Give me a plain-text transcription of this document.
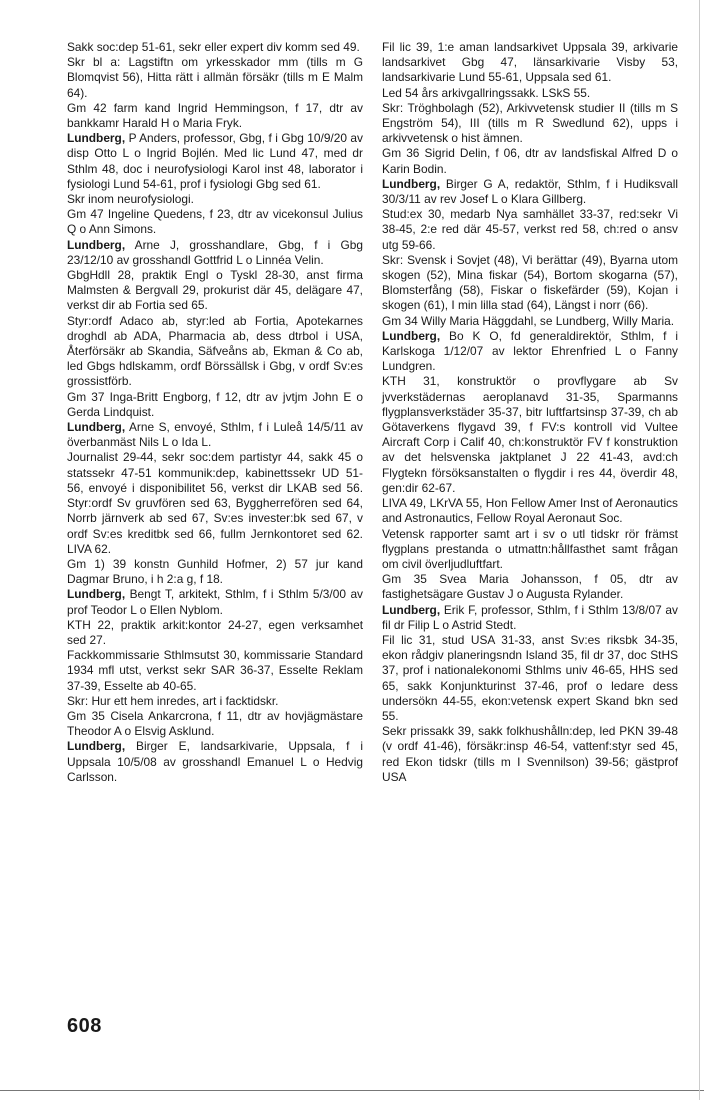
Sakk soc:dep 51-61, sekr eller expert div komm sed 49.

Skr bl a: Lagstiftn om yrkesskador mm (tills m G Blomqvist 56), Hitta rätt i allmän försäkr (tills m E Malm 64).

Gm 42 farm kand Ingrid Hemmingson, f 17, dtr av bankkamr Harald H o Maria Fryk.

Lundberg, P Anders, professor, Gbg, f i Gbg 10/9/20 av disp Otto L o Ingrid Bojlén. Med lic Lund 47, med dr Sthlm 48, doc i neurofysiologi Karol inst 48, laborator i fysiologi Lund 54-61, prof i fysiologi Gbg sed 61.

Skr inom neurofysiologi.

Gm 47 Ingeline Quedens, f 23, dtr av vicekonsul Julius Q o Ann Simons.

Lundberg, Arne J, grosshandlare, Gbg, f i Gbg 23/12/10 av grosshandl Gottfrid L o Linnéa Velin.

GbgHdll 28, praktik Engl o Tyskl 28-30, anst firma Malmsten & Bergvall 29, prokurist där 45, delägare 47, verkst dir ab Fortia sed 65.

Styr:ordf Adaco ab, styr:led ab Fortia, Apotekarnes droghdl ab ADA, Pharmacia ab, dess dtrbol i USA, Återförsäkr ab Skandia, Säfveåns ab, Ekman & Co ab, led Gbgs hdlskamm, ordf Börssällsk i Gbg, v ordf Sv:es grossistförb.

Gm 37 Inga-Britt Engborg, f 12, dtr av jvtjm John E o Gerda Lindquist.

Lundberg, Arne S, envoyé, Sthlm, f i Luleå 14/5/11 av överbanmäst Nils L o Ida L.

Journalist 29-44, sekr soc:dem partistyr 44, sakk 45 o statssekr 47-51 kommunik:dep, kabinettssekr UD 51-56, envoyé i disponibilitet 56, verkst dir LKAB sed 56. Styr:ordf Sv gruvfören sed 63, Byggherrefören sed 64, Norrb järnverk ab sed 67, Sv:es invester:bk sed 67, v ordf Sv:es kreditbk sed 66, fullm Jernkontoret sed 62. LIVA 62.

Gm 1) 39 konstn Gunhild Hofmer, 2) 57 jur kand Dagmar Bruno, i h 2:a g, f 18.

Lundberg, Bengt T, arkitekt, Sthlm, f i Sthlm 5/3/00 av prof Teodor L o Ellen Nyblom.

KTH 22, praktik arkit:kontor 24-27, egen verksamhet sed 27.

Fackkommissarie Sthlmsutst 30, kommissarie Standard 1934 mfl utst, verkst sekr SAR 36-37, Esselte Reklam 37-39, Esselte ab 40-65.

Skr: Hur ett hem inredes, art i facktidskr.

Gm 35 Cisela Ankarcrona, f 11, dtr av hovjägmästare Theodor A o Elsvig Asklund.

Lundberg, Birger E, landsarkivarie, Uppsala, f i Uppsala 10/5/08 av grosshandl Emanuel L o Hedvig Carlsson.

Fil lic 39, 1:e aman landsarkivet Uppsala 39, arkivarie landsarkivet Gbg 47, länsarkivarie Visby 53, landsarkivarie Lund 55-61, Uppsala sed 61.

Led 54 års arkivgallringssakk. LSkS 55.

Skr: Tröghbolagh (52), Arkivvetensk studier II (tills m S Engström 54), III (tills m R Swedlund 62), upps i arkivvetensk o hist ämnen.

Gm 36 Sigrid Delin, f 06, dtr av landsfiskal Alfred D o Karin Bodin.

Lundberg, Birger G A, redaktör, Sthlm, f i Hudiksvall 30/3/11 av rev Josef L o Klara Gillberg.

Stud:ex 30, medarb Nya samhället 33-37, red:sekr Vi 38-45, 2:e red där 45-57, verkst red 58, ch:red o ansv utg 59-66.

Skr: Svensk i Sovjet (48), Vi berättar (49), Byarna utom skogen (52), Mina fiskar (54), Bortom skogarna (57), Blomsterfång (58), Fiskar o fiskefärder (59), Kojan i skogen (61), I min lilla stad (64), Längst i norr (66).

Gm 34 Willy Maria Häggdahl, se Lundberg, Willy Maria.

Lundberg, Bo K O, fd generaldirektör, Sthlm, f i Karlskoga 1/12/07 av lektor Ehrenfried L o Fanny Lundgren.

KTH 31, konstruktör o provflygare ab Sv jvverkstädernas aeroplanavd 31-35, Sparmanns flygplansverkstäder 35-37, bitr luftfartsinsp 37-39, ch ab Götaverkens flygavd 39, f FV:s kontroll vid Vultee Aircraft Corp i Calif 40, ch:konstruktör FV f konstruktion av det helsvenska jaktplanet J 22 41-43, avd:ch Flygtekn försöksanstalten o flygdir i res 44, överdir 48, gen:dir 62-67.

LIVA 49, LKrVA 55, Hon Fellow Amer Inst of Aeronautics and Astronautics, Fellow Royal Aeronaut Soc.

Vetensk rapporter samt art i sv o utl tidskr rör främst flygplans prestanda o utmattn:hållfasthet samt frågan om civil överljudluftfart.

Gm 35 Svea Maria Johansson, f 05, dtr av fastighetsägare Gustav J o Augusta Rylander.

Lundberg, Erik F, professor, Sthlm, f i Sthlm 13/8/07 av fil dr Filip L o Astrid Stedt.

Fil lic 31, stud USA 31-33, anst Sv:es riksbk 34-35, ekon rådgiv planeringsndn Island 35, fil dr 37, doc StHS 37, prof i nationalekonomi Sthlms univ 46-65, HHS sed 65, sakk Konjunkturinst 37-46, prof o ledare dess undersökn 44-55, ekon:vetensk expert Skand bkn sed 55.

Sekr prissakk 39, sakk folkhushålln:dep, led PKN 39-48 (v ordf 41-46), försäkr:insp 46-54, vattenf:styr sed 45, red Ekon tidskr (tills m I Svennilson) 39-56; gästprof USA

608
